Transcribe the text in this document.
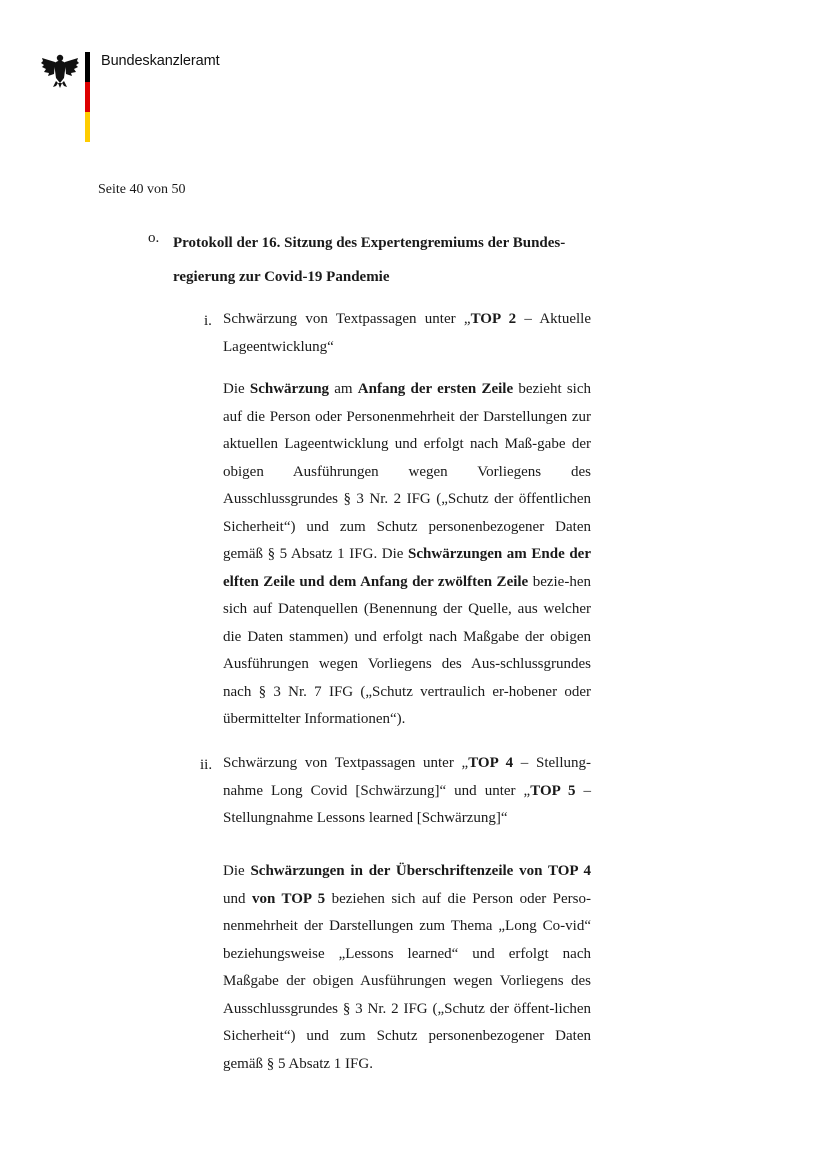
Bundeskanzleramt
Seite 40 von 50
o. Protokoll der 16. Sitzung des Expertengremiums der Bundes-regierung zur Covid-19 Pandemie
i. Schwärzung von Textpassagen unter „TOP 2 – Aktuelle Lageentwicklung“
Die Schwärzung am Anfang der ersten Zeile bezieht sich auf die Person oder Personenmehrheit der Darstellungen zur aktuellen Lageentwicklung und erfolgt nach Maß-gabe der obigen Ausführungen wegen Vorliegens des Ausschlussgrundes § 3 Nr. 2 IFG („Schutz der öffentlichen Sicherheit“) und zum Schutz personenbezogener Daten gemäß § 5 Absatz 1 IFG. Die Schwärzungen am Ende der elften Zeile und dem Anfang der zwölften Zeile bezie-hen sich auf Datenquellen (Benennung der Quelle, aus welcher die Daten stammen) und erfolgt nach Maßgabe der obigen Ausführungen wegen Vorliegens des Aus-schlussgrundes nach § 3 Nr. 7 IFG („Schutz vertraulich er-hobener oder übermittelter Informationen“).
ii. Schwärzung von Textpassagen unter „TOP 4 – Stellung-nahme Long Covid [Schwärzung]“ und unter „TOP 5 – Stellungnahme Lessons learned [Schwärzung]“
Die Schwärzungen in der Überschriftenzeile von TOP 4 und von TOP 5 beziehen sich auf die Person oder Perso-nenmehrheit der Darstellungen zum Thema „Long Co-vid“ beziehungsweise „Lessons learned“ und erfolgt nach Maßgabe der obigen Ausführungen wegen Vorliegens des Ausschlussgrundes § 3 Nr. 2 IFG („Schutz der öffent-lichen Sicherheit“) und zum Schutz personenbezogener Daten gemäß § 5 Absatz 1 IFG.
